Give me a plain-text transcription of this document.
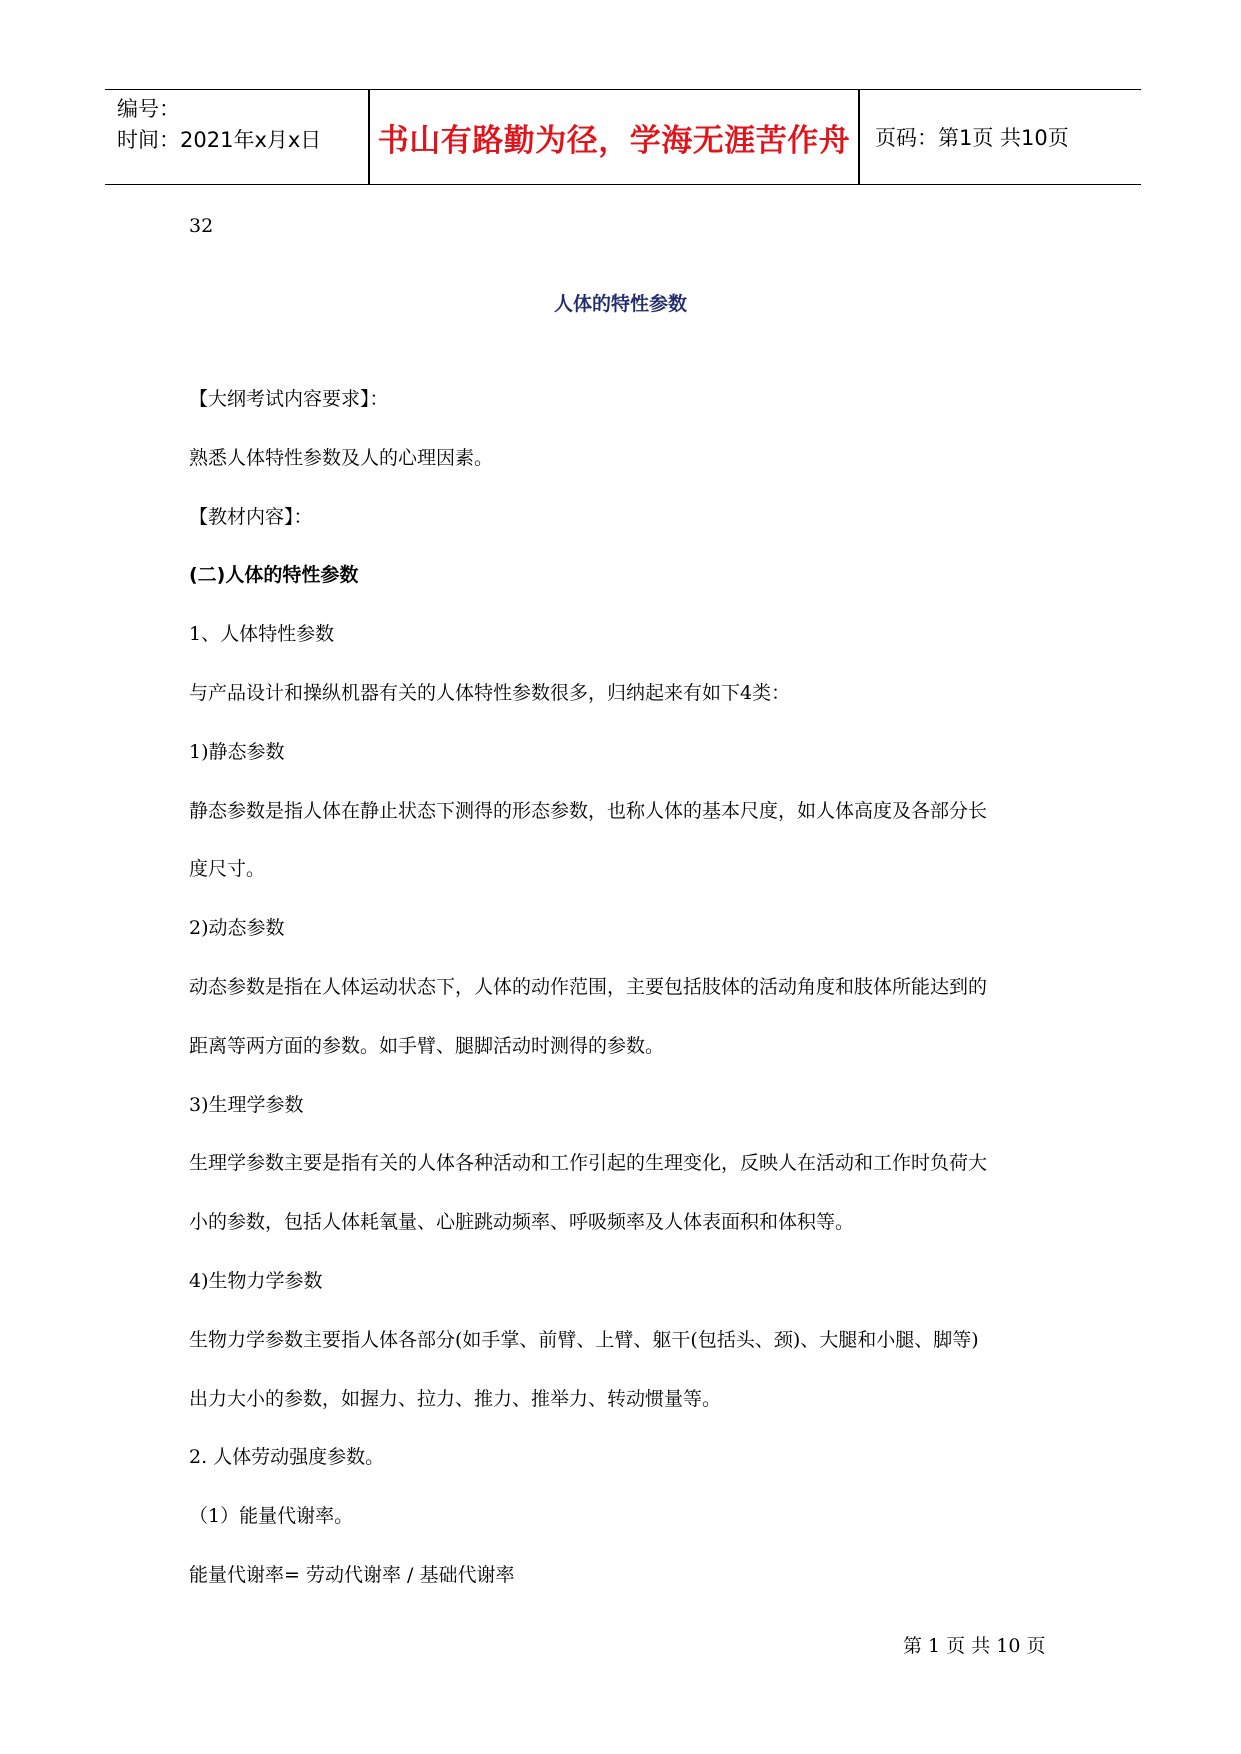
编号：
时间：2021年x月x日 书山有路勤为径，学海无涯苦作舟	页码：第1页 共10页
32
人体的特性参数

【大纲考试内容要求】：

熟悉人体特性参数及人的心理因素。

【教材内容】：

(二)人体的特性参数

1、人体特性参数

与产品设计和操纵机器有关的人体特性参数很多，归纳起来有如下4类：

1)静态参数

静态参数是指人体在静止状态下测得的形态参数，也称人体的基本尺度，如人体高度及各部分长

度尺寸。

2)动态参数

动态参数是指在人体运动状态下，人体的动作范围，主要包括肢体的活动角度和肢体所能达到的

距离等两方面的参数。如手臂、腿脚活动时测得的参数。

3)生理学参数

生理学参数主要是指有关的人体各种活动和工作引起的生理变化，反映人在活动和工作时负荷大

小的参数，包括人体耗氧量、心脏跳动频率、呼吸频率及人体表面积和体积等。

4)生物力学参数

生物力学参数主要指人体各部分(如手掌、前臂、上臂、躯干(包括头、颈)、大腿和小腿、脚等)

出力大小的参数，如握力、拉力、推力、推举力、转动惯量等。

2. 人体劳动强度参数。

（1）能量代谢率。

能量代谢率= 劳动代谢率 / 基础代谢率

第 1 页 共 10 页
